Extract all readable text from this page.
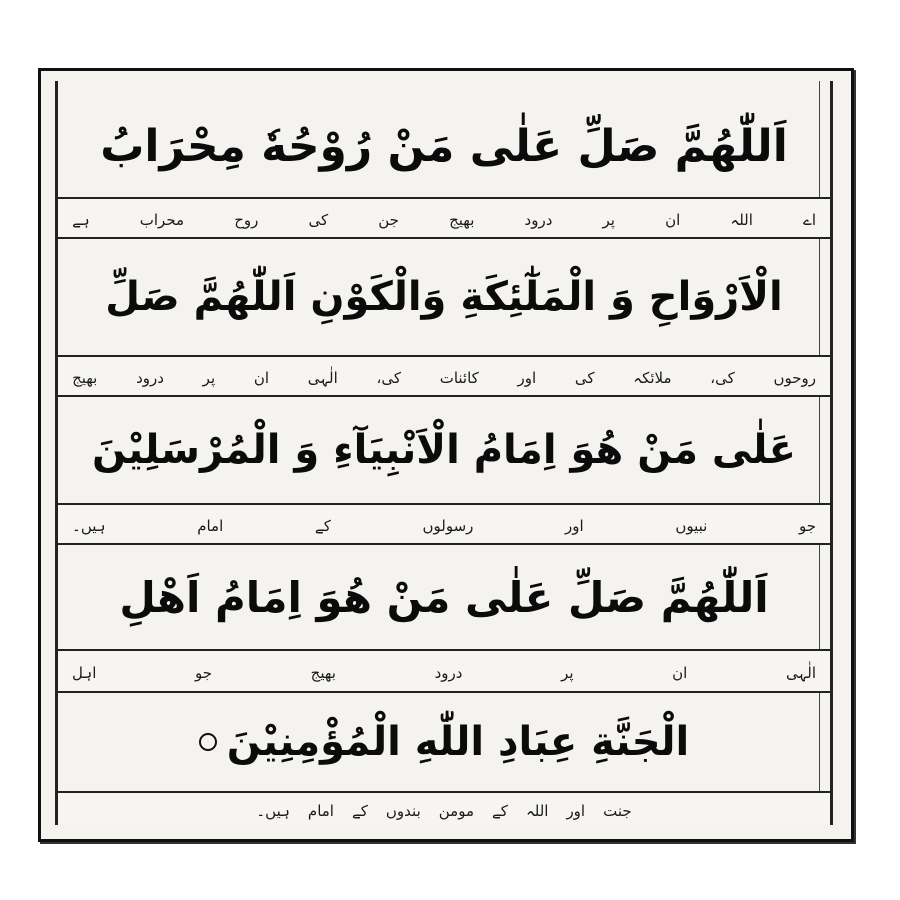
اَللّٰهُمَّ صَلِّ عَلٰى مَنْ رُوْحُهٗ مِحْرَابُ
اے
اللہ
ان
پر
درود
بھیج
جن
کی
روح
محراب
ہے
الْاَرْوَاحِ وَ الْمَلٰٓئِكَةِ وَالْكَوْنِ اَللّٰهُمَّ صَلِّ
روحوں
کی،
ملائکہ
کی
اور
کائنات
کی،
الٰہی
ان
پر
درود
بھیج
عَلٰى مَنْ هُوَ اِمَامُ الْاَنْبِيَآءِ وَ الْمُرْسَلِيْنَ
جو
نبیوں
اور
رسولوں
کے
امام
ہیں۔
اَللّٰهُمَّ صَلِّ عَلٰى مَنْ هُوَ اِمَامُ اَهْلِ
الٰہی
ان
پر
درود
بھیج
جو
اہل
الْجَنَّةِ عِبَادِ اللّٰهِ الْمُؤْمِنِيْنَ
جنت
اور
اللہ
کے
مومن
بندوں
کے
امام
ہیں۔
